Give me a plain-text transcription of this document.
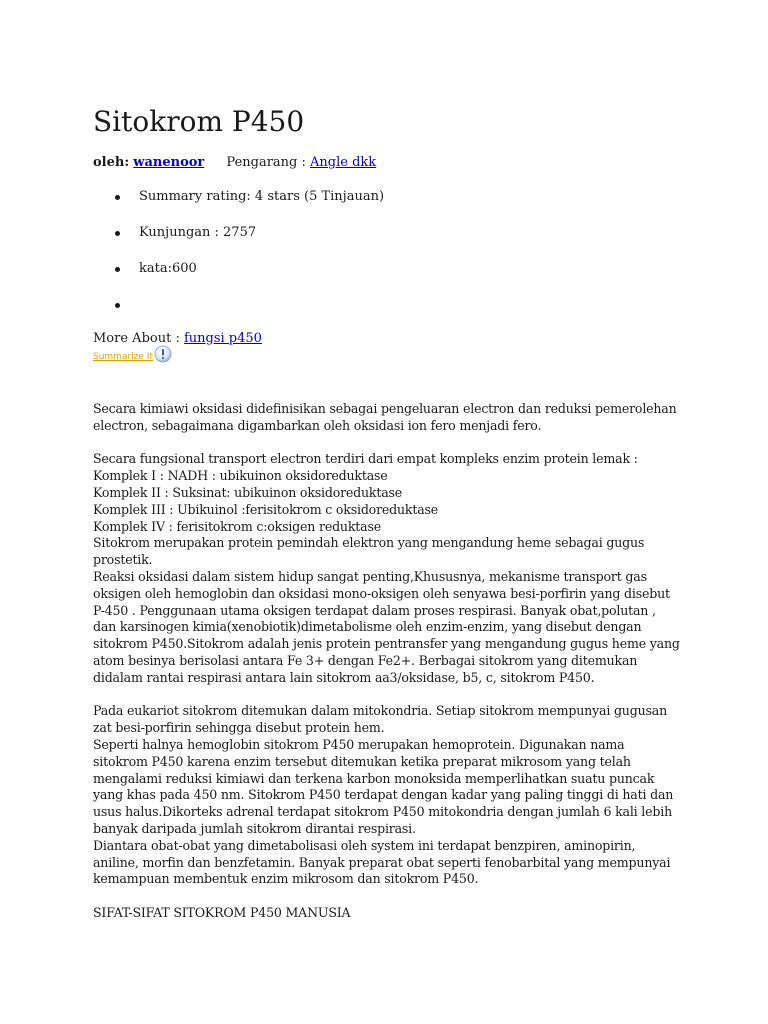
Sitokrom P450
oleh: wanenoor Pengarang : Angle dkk
Summary rating: 4 stars (5 Tinjauan)
Kunjungan : 2757
kata:600
More About : fungsi p450
Summarize It
Secara kimiawi oksidasi didefinisikan sebagai pengeluaran electron dan reduksi pemerolehan
electron, sebagaimana digambarkan oleh oksidasi ion fero menjadi fero.
Secara fungsional transport electron terdiri dari empat kompleks enzim protein lemak :
Komplek I : NADH : ubikuinon oksidoreduktase
Komplek II : Suksinat: ubikuinon oksidoreduktase
Komplek III : Ubikuinol :ferisitokrom c oksidoreduktase
Komplek IV : ferisitokrom c:oksigen reduktase
Sitokrom merupakan protein pemindah elektron yang mengandung heme sebagai gugus
prostetik.
Reaksi oksidasi dalam sistem hidup sangat penting,Khususnya, mekanisme transport gas
oksigen oleh hemoglobin dan oksidasi mono-oksigen oleh senyawa besi-porfirin yang disebut
P-450 . Penggunaan utama oksigen terdapat dalam proses respirasi. Banyak obat,polutan ,
dan karsinogen kimia(xenobiotik)dimetabolisme oleh enzim-enzim, yang disebut dengan
sitokrom P450.Sitokrom adalah jenis protein pentransfer yang mengandung gugus heme yang
atom besinya berisolasi antara Fe 3+ dengan Fe2+. Berbagai sitokrom yang ditemukan
didalam rantai respirasi antara lain sitokrom aa3/oksidase, b5, c, sitokrom P450.
Pada eukariot sitokrom ditemukan dalam mitokondria. Setiap sitokrom mempunyai gugusan
zat besi-porfirin sehingga disebut protein hem.
Seperti halnya hemoglobin sitokrom P450 merupakan hemoprotein. Digunakan nama
sitokrom P450 karena enzim tersebut ditemukan ketika preparat mikrosom yang telah
mengalami reduksi kimiawi dan terkena karbon monoksida memperlihatkan suatu puncak
yang khas pada 450 nm. Sitokrom P450 terdapat dengan kadar yang paling tinggi di hati dan
usus halus.Dikorteks adrenal terdapat sitokrom P450 mitokondria dengan jumlah 6 kali lebih
banyak daripada jumlah sitokrom dirantai respirasi.
Diantara obat-obat yang dimetabolisasi oleh system ini terdapat benzpiren, aminopirin,
aniline, morfin dan benzfetamin. Banyak preparat obat seperti fenobarbital yang mempunyai
kemampuan membentuk enzim mikrosom dan sitokrom P450.
SIFAT-SIFAT SITOKROM P450 MANUSIA
